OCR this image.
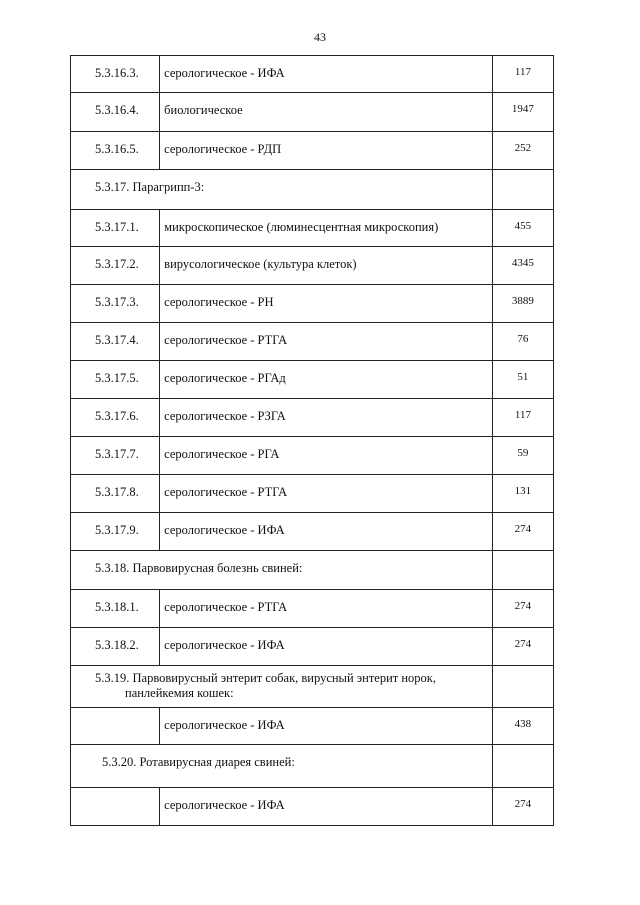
43
5.3.16.3.	серологическое - ИФА	117
5.3.16.4.	биологическое	1947
5.3.16.5.	серологическое - РДП	252
5.3.17. Парагрипп-3:		
5.3.17.1.	микроскопическое (люминесцентная микроскопия)	455
5.3.17.2.	вирусологическое (культура клеток)	4345
5.3.17.3.	серологическое - РН	3889
5.3.17.4.	серологическое - РТГА	76
5.3.17.5.	серологическое - РГАд	51
5.3.17.6.	серологическое - РЗГА	117
5.3.17.7.	серологическое - РГА	59
5.3.17.8.	серологическое - РТГА	131
5.3.17.9.	серологическое - ИФА	274
5.3.18. Парвовирусная болезнь свиней:		
5.3.18.1.	серологическое - РТГА	274
5.3.18.2.	серологическое - ИФА	274
5.3.19. Парвовирусный энтерит собак, вирусный энтерит норок,
панлейкемия кошек:		

	серологическое - ИФА	438
5.3.20. Ротавирусная диарея свиней:		
	серологическое - ИФА	274
